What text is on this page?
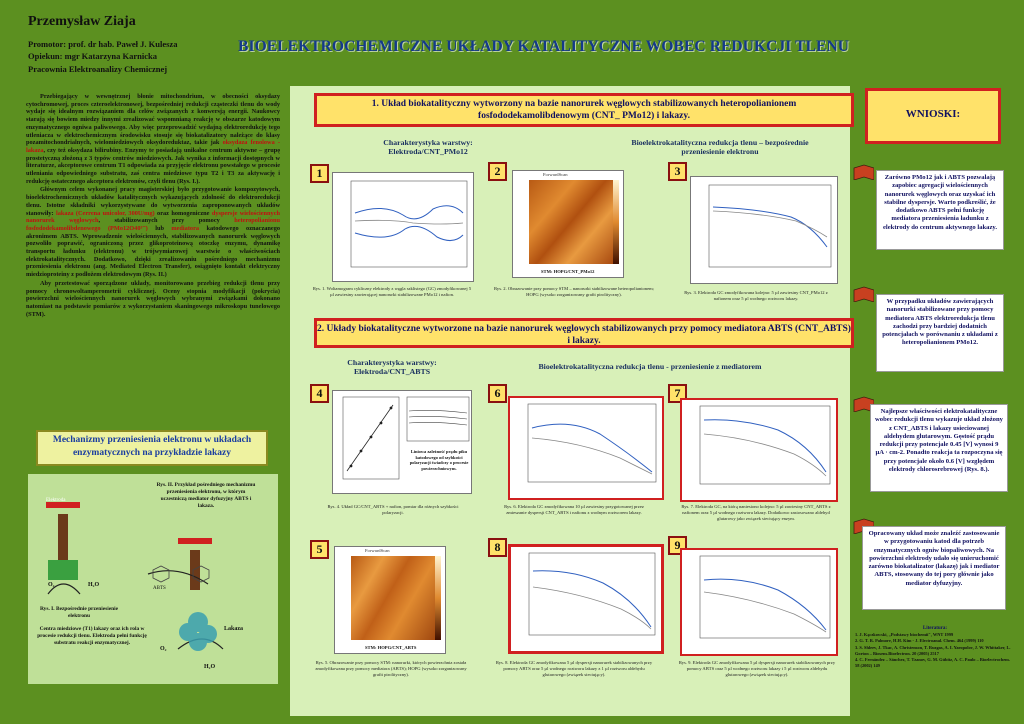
Przemysław Ziaja
Promotor: prof. dr hab. Paweł J. Kulesza
Opiekun: mgr Katarzyna Karnicka
Pracownia Elektroanalizy Chemicznej
BIOELEKTROCHEMICZNE UKŁADY KATALITYCZNE WOBEC REDUKCJI TLENU

Przebiegający w wewnętrznej błonie mitochondrium, w obecności oksydazy cytochromowej, proces czteroelektronowej, bezpośredniej redukcji cząsteczki tlenu do wody wydaje się idealnym rozwiązaniem dla celów związanych z konwersją energii. Naukowcy starają się bowiem miedzy innymi zrealizować wspomnianą reakcję w obszarze katodowym enzymatycznego ogniwa paliwowego. Aby więc przeprowadzić wydajną elektroredukcję tego utleniacza w elektrochemicznym środowisku stosuje się biokatalizatory należące do klasy pozamitochondrialnych, wielomiedziowych oksydoreduktaz, takie jak oksydaza fenolowa - lakaza, czy też oksydaza bilirubiny. Enzymy te posiadają unikalne centrum aktywne – grupę prostetyczną złożoną z 3 typów centrów miedziowych. Jak wynika z informacji dostępnych w literaturze, akceptorowe centrum T1 odpowiada za przyjęcie elektronu powstałego w procesie utleniania odpowiedniego substratu, zaś centra miedziowe typu T2 i T3 za aktywację i redukcję ostatecznego akceptora elektronów, czyli tlenu (Rys. I.).

Głównym celem wykonanej pracy magisterskiej było przygotowanie kompozytowych, bioelektrochemicznych układów katalitycznych wykazujących zdolność do elektroredukcji tlenu. Istotne składniki wykorzystywane do wytworzenia zaproponowanych układów stanowiły: lakaza (Cerrena unicolor, 300U/mg) oraz homogeniczne dyspersje wielościennych nanorurek węglowych, stabilizowanych przy pomocy heteropolianionu fosfododekamolibdenowego (PMo12O40³⁻) lub mediatora katodowego oznaczanego akronimem ABTS. Wprowadzenie wielościennych, stabilizowanych nanorurek węglowych pozwoliło poprawić, ograniczoną przez glikoproteinową otoczkę enzymu, dynamikę transportu ładunku (elektronu) w trójwymiarowej warstwie o właściwościach elektrokatalitycznych. Dodatkowo, dzięki zrealizowaniu pośredniego mechanizmu przeniesienia elektronu (ang. Mediated Electron Transfer), osiągnięto kontakt elektryczny miedzioproteiny z podłożem elektrodowym (Rys. II.)

Aby przetestować sporządzone układy, monitorowano przebieg redukcji tlenu przy pomocy chronowoltamperometrii cyklicznej. Oceny stopnia modyfikacji (pokrycia) powierzchni wielościennych nanorurek węglowych wybranymi związkami dokonano natomiast na podstawie pomiarów z wykorzystaniem skaningowego mikroskopu tunelowego (STM).

Mechanizmy przeniesienia elektronu w układach enzymatycznych na przykładzie lakazy
Elektroda
Rys. II. Przykład pośredniego mechanizmu przeniesienia elektronu, w którym uczestniczą mediator dyfuzyjny ABTS i lakaza.
O₂	H₂O
ABTS
Rys. I. Bezpośrednie przeniesienie elektronu
Centra miedziowe (T1) lakazy oraz ich rola w procesie redukcji tlenu. Elektroda pełni funkcję substratu reakcji enzymatycznej.
Lakaza
O₂
H₂O
1. Układ biokatalityczny wytworzony na bazie nanorurek węglowych stabilizowanych heteropolianionem fosfododekamolibdenowym (CNT_ PMo12) i lakazy.
Charakterystyka warstwy: Elektroda/CNT_PMo12
Bioelektrokatalityczna redukcja tlenu – bezpośrednie przeniesienie elektronu
1
Rys. 1. Woltamogram cykliczny elektrody z węgla szklistego (GC) zmodyfikowanej 5 µl zawiesiny zawierającej nanorurki stabilizowane PMo12 i nafion.
2	ForwardScan
STM: HOPG/CNT_PMo12
Rys. 2. Obrazowanie przy pomocy STM – nanorurki stabilizowane heteropolianionem; HOPG (wysoko zorganizowany grafit pirolityczny).
3
Rys. 3. Elektroda GC zmodyfikowana kolejno: 5 µl zawiesiny CNT_PMo12 z nafionem oraz 5 µl wodnego roztworu lakazy.
2. Układy biokatalityczne wytworzone na bazie nanorurek węglowych stabilizowanych przy pomocy mediatora ABTS (CNT_ABTS) i lakazy.
Charakterystyka warstwy: Elektroda/CNT_ABTS
Bioelektrokatalityczna redukcja tlenu - przeniesienie z mediatorem
4
Liniowa zależność prądu piku katodowego od szybkości polaryzacji świadczy o procesie powierzchniowym.
Rys. 4. Układ GC/CNT_ABTS + nafion, pomiar dla różnych szybkości polaryzacji.
5	ForwardScan
STM: HOPG/CNT_ABTS
Rys. 5. Obrazowanie przy pomocy STM: nanorurki, których powierzchnia została zmodyfikowana przy pomocy mediatora (ABTS); HOPG (wysoko zorganizowany grafit pirolityczny).
6
Rys. 6. Elektroda GC zmodyfikowana 10 µl zawiesiny przygotowanej przez zmieszanie dyspersji CNT_ABTS i nafionu z wodnym roztworem lakazy.
7
Rys. 7. Elektroda GC, na którą naniesiono kolejno: 5 µl zawiesiny CNT_ABTS z nafionem oraz 5 µl wodnego roztworu lakazy. Dodatkowo zastosowano aldehyd glutarowy jako związek sieciujący enzym.
8
Rys. 8. Elektroda GC zmodyfikowana 5 µl dyspersji nanorurek stabilizowanych przy pomocy ABTS oraz 5 µl wodnego roztworu lakazy z 1 µl roztworu aldehydu glutarowego (związek sieciujący).
9
Rys. 9. Elektroda GC zmodyfikowana 5 µl dyspersji nanorurek stabilizowanych przy pomocy ABTS oraz 5 µl wodnego roztworu lakazy i 5 µl roztworu aldehydu glutarowego (związek sieciujący).
WNIOSKI:
Zarówno PMo12 jak i ABTS pozwalają zapobiec agregacji wielościennych nanorurek węglowych oraz uzyskać ich stabilne dyspersje. Warto podkreślić, że dodatkowo ABTS pełni funkcję mediatora przeniesienia ładunku z elektrody do centrum aktywnego lakazy.
W przypadku układów zawierających nanorurki stabilizowane przy pomocy mediatora ABTS elektroredukcja tlenu zachodzi przy bardziej dodatnich potencjałach w porównaniu z układami z heteropolianionem PMo12.
Najlepsze właściwości elektrokatalityczne wobec redukcji tlenu wykazuje układ złożony z CNT_ABTS i lakazy usieciowanej aldehydem glutarowym. Gęstość prądu redukcji przy potencjale 0.45 [V] wynosi 9 µA · cm-2. Ponadto reakcja ta rozpoczyna się przy potencjale około 0.6 [V] względem elektrody chlorosrebrowej (Rys. 8.).
Opracowany układ może znaleźć zastosowanie w przygotowaniu katod dla potrzeb enzymatycznych ogniw biopaliwowych. Na powierzchni elektrody udało się unieruchomić zarówno biokatalizator (lakazę) jak i mediator ABTS, stosowany do tej pory głównie jako mediator dyfuzyjny.
Literatura:
1. J. Kączkowski, „Podstawy biochemii", WNT 1999
2. G. T. R. Palmore, H.H. Kim - J. Electroanal. Chem. 464 (1999) 110
3. S. Shleev, J. Tkac, A. Christenson, T. Ruzgas, A. I. Yaropolov, J. W. Whittaker, L. Gorton – Biosens.Bioelectron. 20 (2005) 2517
4. C. Fernández – Sánchez, T. Tzanov, G. M. Gübitz, A. C. Paulo – Bioelectrochem. 58 (2002) 149
